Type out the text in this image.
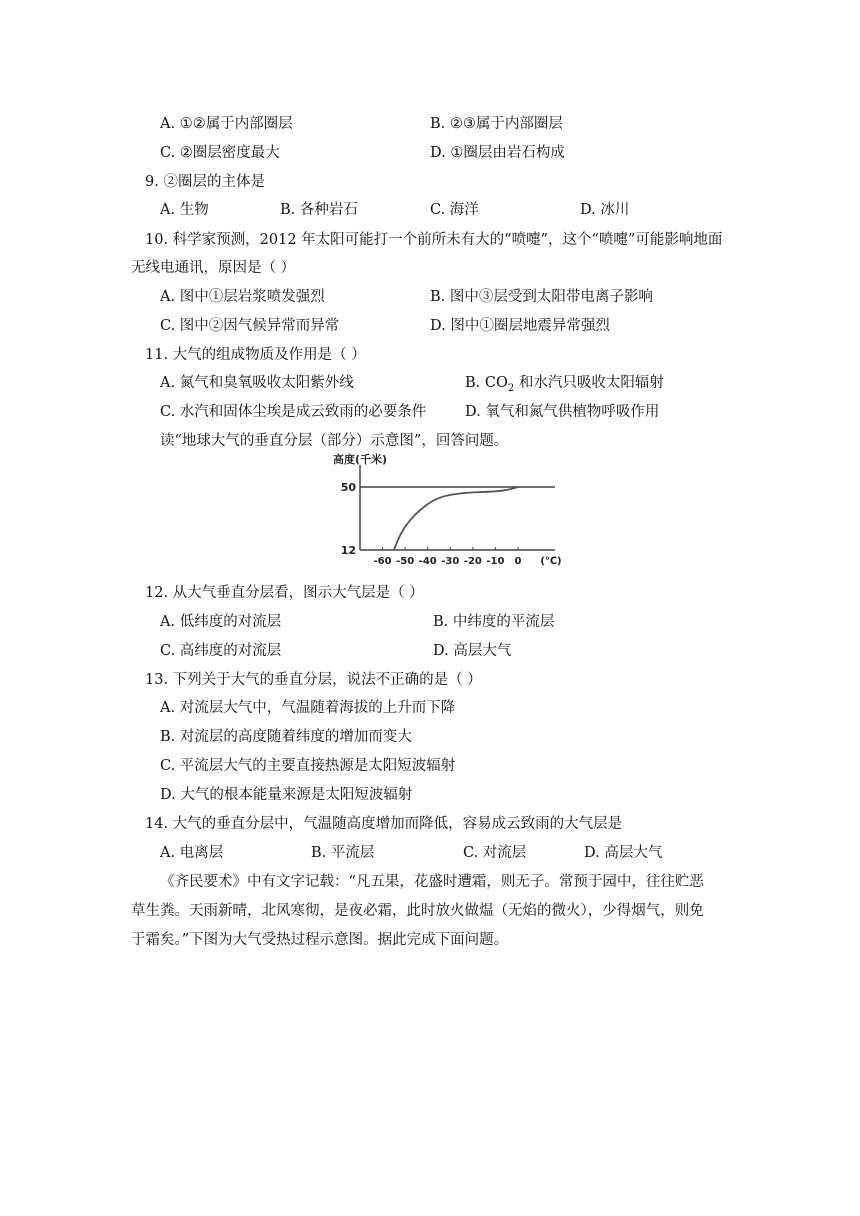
A. ①②属于内部圈层	B. ②③属于内部圈层
C. ②圈层密度最大	D. ①圈层由岩石构成
9. ②圈层的主体是
A. 生物	B. 各种岩石	C. 海洋	D. 冰川
10. 科学家预测，2012 年太阳可能打一个前所未有大的“喷嚏”，这个“喷嚏”可能影响地面
无线电通讯，原因是（ ）
A. 图中①层岩浆喷发强烈	B. 图中③层受到太阳带电离子影响
C. 图中②因气候异常而异常	D. 图中①圈层地震异常强烈
11. 大气的组成物质及作用是（ ）
A. 氮气和臭氧吸收太阳紫外线	B. $CO_2$ 和水汽只吸收太阳辐射
C. 水汽和固体尘埃是成云致雨的必要条件	D. 氧气和氮气供植物呼吸作用
读“地球大气的垂直分层（部分）示意图”，回答问题。
高度(千米)
12
50
-60 -50 -40 -30 -20 -10 0 (℃)
12. 从大气垂直分层看，图示大气层是（ ）
A. 低纬度的对流层	B. 中纬度的平流层
C. 高纬度的对流层	D. 高层大气
13. 下列关于大气的垂直分层，说法不正确的是（ ）
A. 对流层大气中，气温随着海拔的上升而下降
B. 对流层的高度随着纬度的增加而变大
C. 平流层大气的主要直接热源是太阳短波辐射
D. 大气的根本能量来源是太阳短波辐射
14. 大气的垂直分层中，气温随高度增加而降低，容易成云致雨的大气层是
A. 电离层	B. 平流层	C. 对流层	D. 高层大气
《齐民要术》中有文字记载：“凡五果，花盛时遭霜，则无子。常预于园中，往往贮恶
草生粪。天雨新晴，北风寒彻，是夜必霜，此时放火做煴（无焰的微火），少得烟气，则免
于霜矣。”下图为大气受热过程示意图。据此完成下面问题。
